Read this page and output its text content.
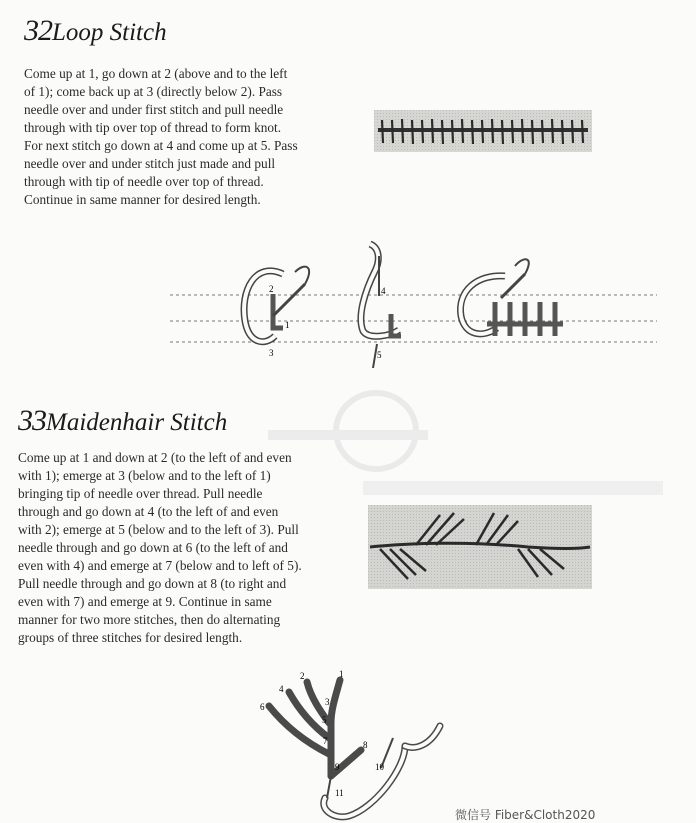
32Loop Stitch
Come up at 1, go down at 2 (above and to the left
of 1); come back up at 3 (directly below 2). Pass
needle over and under first stitch and pull needle
through with tip over top of thread to form knot.
For next stitch go down at 4 and come up at 5. Pass
needle over and under stitch just made and pull
through with tip of needle over top of thread.
Continue in same manner for desired length.
2
1
3
4
5
33Maidenhair Stitch
Come up at 1 and down at 2 (to the left of and even
with 1); emerge at 3 (below and to the left of 1)
bringing tip of needle over thread. Pull needle
through and go down at 4 (to the left of and even
with 2); emerge at 5 (below and to the left of 3). Pull
needle through and go down at 6 (to the left of and
even with 4) and emerge at 7 (below and to left of 5).
Pull needle through and go down at 8 (to right and
even with 7) and emerge at 9. Continue in same
manner for two more stitches, then do alternating
groups of three stitches for desired length.
1
2
3
4
5
6
7	8
9	10
11
微信号 Fiber&Cloth2020
